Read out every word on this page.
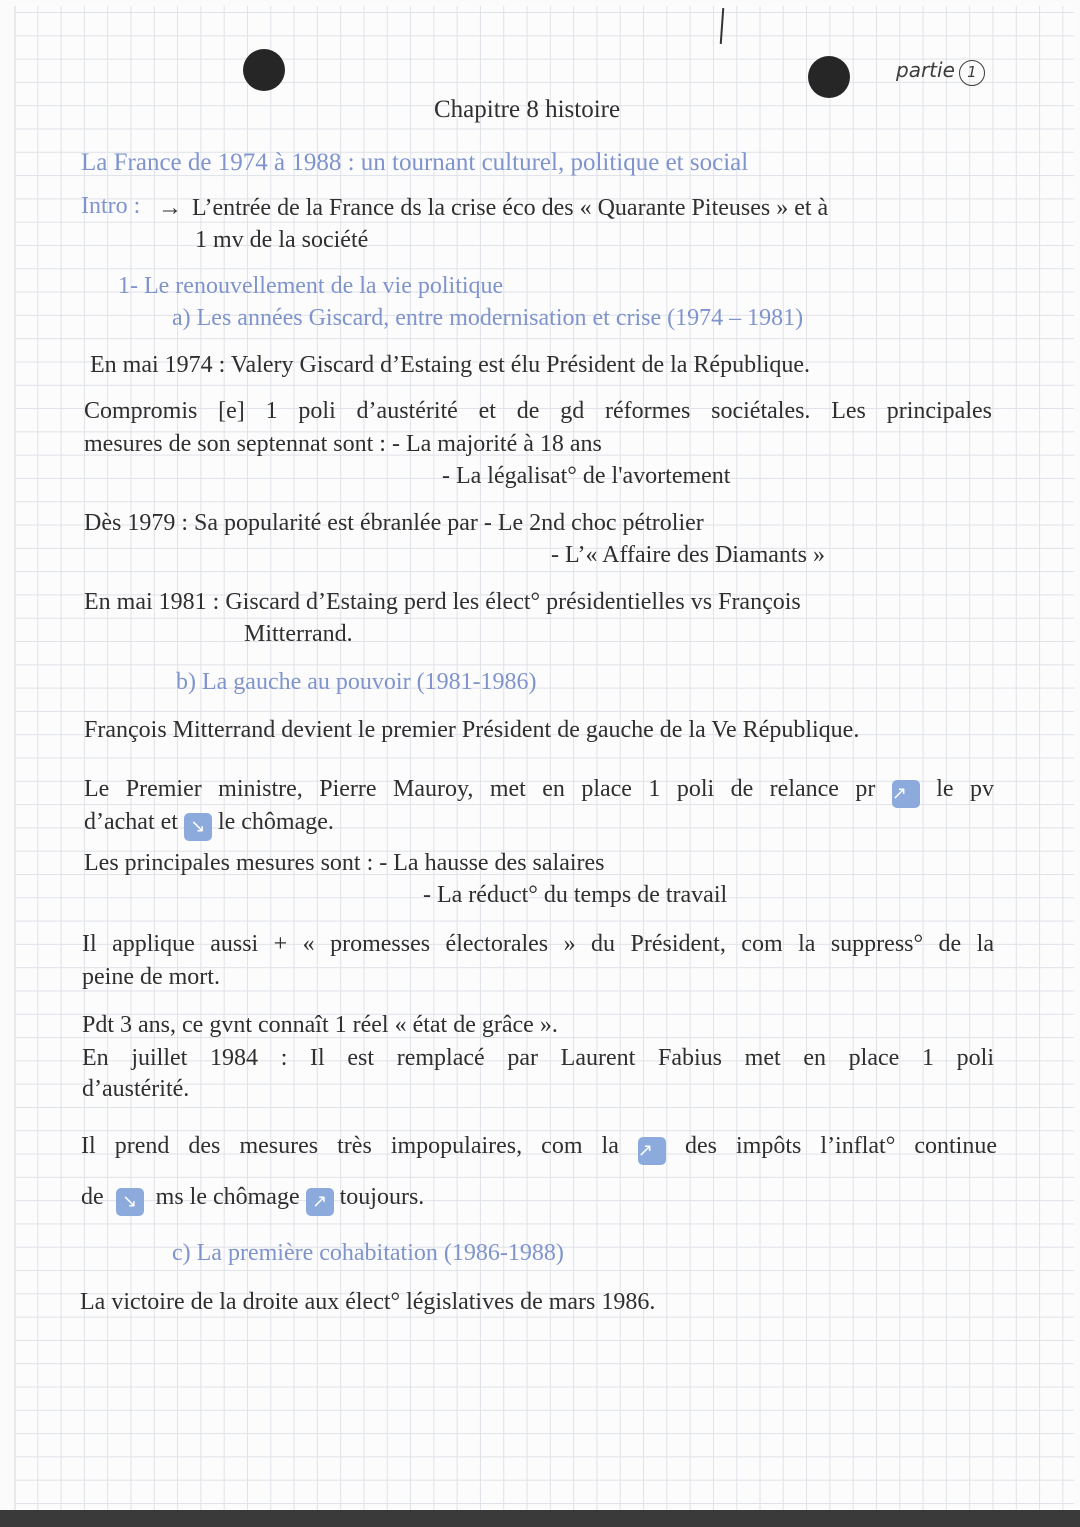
partie 1
Chapitre 8 histoire
La France de 1974 à 1988 : un tournant culturel, politique et social
Intro : → L’entrée de la France ds la crise éco des « Quarante Piteuses » et à
1 mv de la société
1- Le renouvellement de la vie politique
a) Les années Giscard, entre modernisation et crise (1974 – 1981)
En mai 1974 : Valery Giscard d’Estaing est élu Président de la République.
Compromis [e] 1 poli d’austérité et de gd réformes sociétales. Les principales
mesures de son septennat sont : - La majorité à 18 ans
- La légalisat° de l'avortement
Dès 1979 : Sa popularité est ébranlée par - Le 2nd choc pétrolier
- L’« Affaire des Diamants »
En mai 1981 : Giscard d’Estaing perd les élect° présidentielles vs François
Mitterrand.
b) La gauche au pouvoir (1981-1986)
François Mitterrand devient le premier Président de gauche de la Ve République.
Le Premier ministre, Pierre Mauroy, met en place 1 poli de relance pr ↗ le pv
d’achat et ↘ le chômage.
Les principales mesures sont : - La hausse des salaires
- La réduct° du temps de travail
Il applique aussi + « promesses électorales » du Président, com la suppress° de la
peine de mort.
Pdt 3 ans, ce gvnt connaît 1 réel « état de grâce ».
En juillet 1984 : Il est remplacé par Laurent Fabius met en place 1 poli
d’austérité.
Il prend des mesures très impopulaires, com la ↗ des impôts l’inflat° continue
de ↘ ms le chômage ↗ toujours.
c) La première cohabitation (1986-1988)
La victoire de la droite aux élect° législatives de mars 1986.
